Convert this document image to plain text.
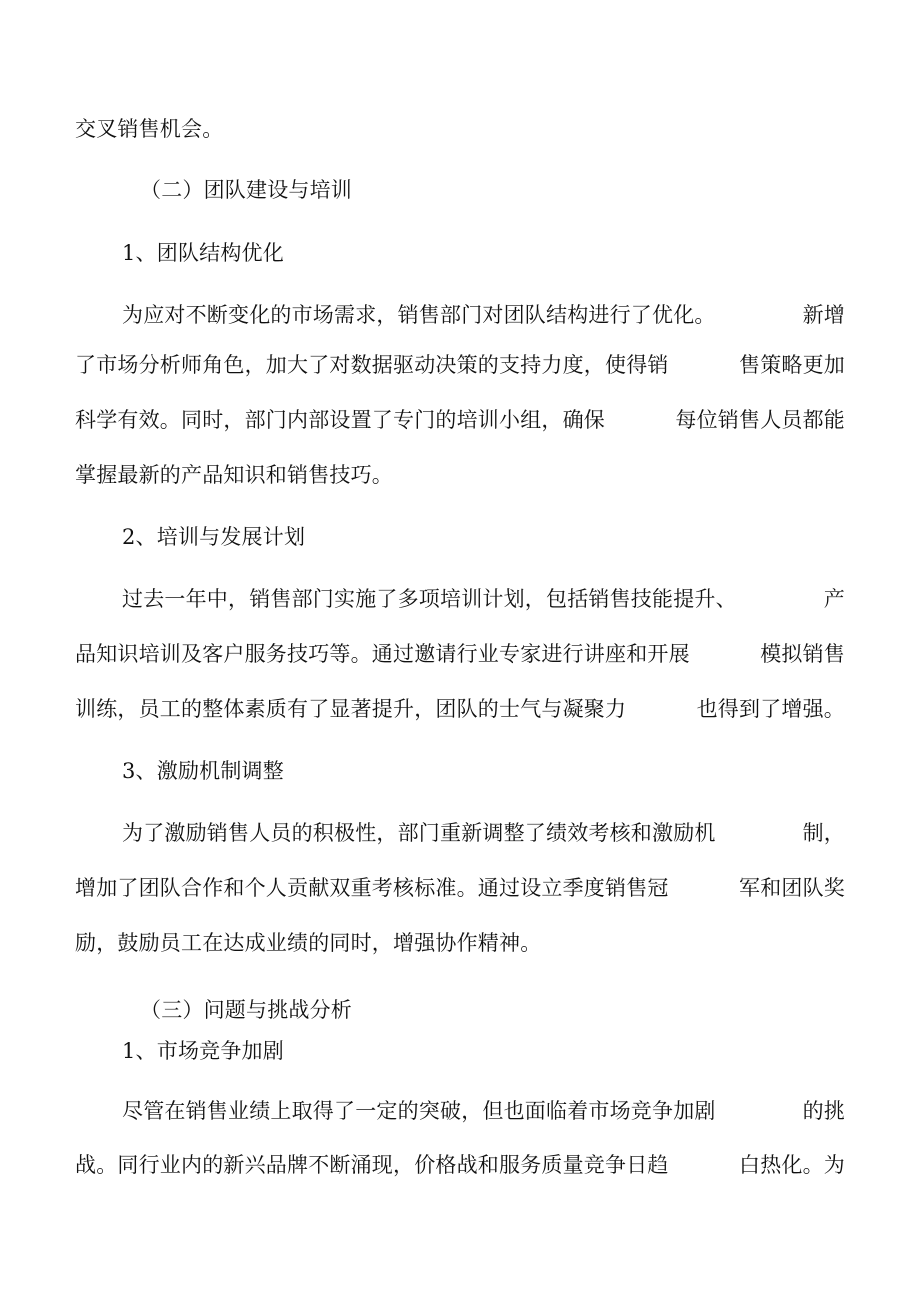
交叉销售机会。
（二）团队建设与培训
1、团队结构优化
为应对不断变化的市场需求，销售部门对团队结构进行了优化。	新增
了市场分析师角色，加大了对数据驱动决策的支持力度，使得销	售策略更加
科学有效。同时，部门内部设置了专门的培训小组，确保	每位销售人员都能
掌握最新的产品知识和销售技巧。
2、培训与发展计划
过去一年中，销售部门实施了多项培训计划，包括销售技能提升、	产
品知识培训及客户服务技巧等。通过邀请行业专家进行讲座和开展	模拟销售
训练，员工的整体素质有了显著提升，团队的士气与凝聚力	也得到了增强。
3、激励机制调整
为了激励销售人员的积极性，部门重新调整了绩效考核和激励机	制，
增加了团队合作和个人贡献双重考核标准。通过设立季度销售冠	军和团队奖
励，鼓励员工在达成业绩的同时，增强协作精神。
（三）问题与挑战分析
1、市场竞争加剧
尽管在销售业绩上取得了一定的突破，但也面临着市场竞争加剧	的挑
战。同行业内的新兴品牌不断涌现，价格战和服务质量竞争日趋	白热化。为
